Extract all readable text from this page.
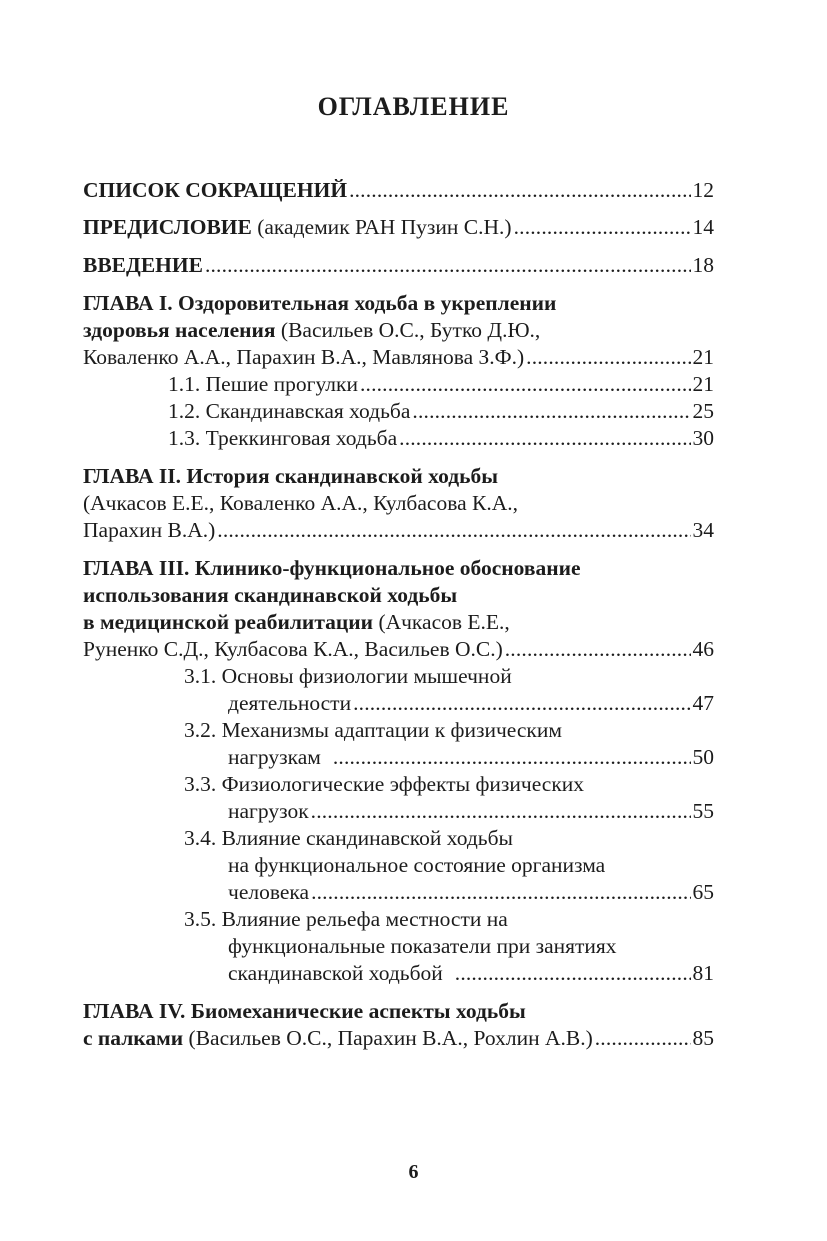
ОГЛАВЛЕНИЕ
СПИСОК СОКРАЩЕНИЙ . . .	12
ПРЕДИСЛОВИЕ (академик РАН Пузин С.Н.) . . .	14
ВВЕДЕНИЕ . . .	18
ГЛАВА I. Оздоровительная ходьба в укреплении
здоровья населения (Васильев О.С., Бутко Д.Ю.,
Коваленко А.А., Парахин В.А., Мавлянова З.Ф.) . . .	21
1.1. Пешие прогулки . . .	21
1.2. Скандинавская ходьба . . .	25
1.3. Треккинговая ходьба . . .	30
ГЛАВА II. История скандинавской ходьбы
(Ачкасов Е.Е., Коваленко А.А., Кулбасова К.А.,
Парахин В.А.) . . .	34
ГЛАВА III. Клинико-функциональное обоснование
использования скандинавской ходьбы
в медицинской реабилитации (Ачкасов Е.Е.,
Руненко С.Д., Кулбасова К.А., Васильев О.С.) . . .	46
3.1. Основы физиологии мышечной
деятельности . . .	47
3.2. Механизмы адаптации к физическим
нагрузкам . . .	50
3.3. Физиологические эффекты физических
нагрузок . . .	55
3.4. Влияние скандинавской ходьбы
на функциональное состояние организма
человека . . .	65
3.5. Влияние рельефа местности на
функциональные показатели при занятиях
скандинавской ходьбой . . .	81
ГЛАВА IV. Биомеханические аспекты ходьбы
с палками (Васильев О.С., Парахин В.А., Рохлин А.В.) . . .	85
6
